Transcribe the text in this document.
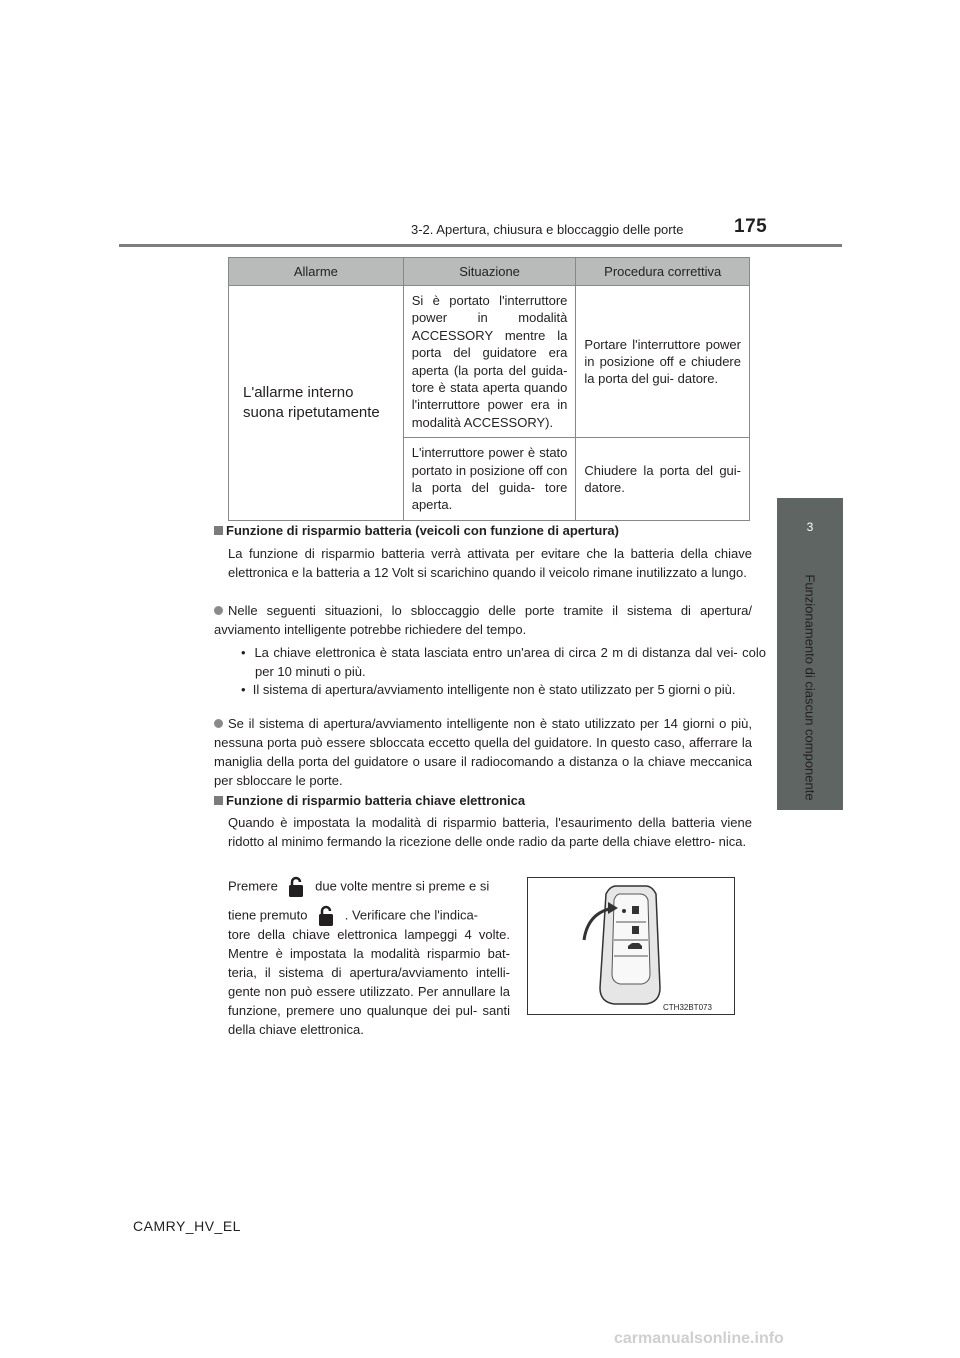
3-2. Apertura, chiusura e bloccaggio delle porte	175
3
Funzionamento di ciascun componente
Allarme	Situazione	Procedura correttiva
L'allarme interno suona ripetutamente	Si è portato l'interruttore power in modalità ACCESSORY mentre la porta del guidatore era aperta (la porta del guida- tore è stata aperta quando l'interruttore power era in modalità ACCESSORY).	Portare l'interruttore power in posizione off e chiudere la porta del gui- datore.
	L'interruttore power è stato portato in posizione off con la porta del guida- tore aperta.	Chiudere la porta del gui- datore.
Funzione di risparmio batteria (veicoli con funzione di apertura)
La funzione di risparmio batteria verrà attivata per evitare che la batteria della chiave elettronica e la batteria a 12 Volt si scarichino quando il veicolo rimane inutilizzato a lungo.
Nelle seguenti situazioni, lo sbloccaggio delle porte tramite il sistema di apertura/ avviamento intelligente potrebbe richiedere del tempo.
•  La chiave elettronica è stata lasciata entro un'area di circa 2 m di distanza dal vei- colo per 10 minuti o più.
•  Il sistema di apertura/avviamento intelligente non è stato utilizzato per 5 giorni o più.
Se il sistema di apertura/avviamento intelligente non è stato utilizzato per 14 giorni o più, nessuna porta può essere sbloccata eccetto quella del guidatore. In questo caso, afferrare la maniglia della porta del guidatore o usare il radiocomando a distanza o la chiave meccanica per sbloccare le porte.
Funzione di risparmio batteria chiave elettronica
Quando è impostata la modalità di risparmio batteria, l'esaurimento della batteria viene ridotto al minimo fermando la ricezione delle onde radio da parte della chiave elettro- nica.
Premere	due volte mentre si preme e si
tiene premuto	. Verificare che l'indica-
tore della chiave elettronica lampeggi 4 volte. Mentre è impostata la modalità risparmio bat- teria, il sistema di apertura/avviamento intelli- gente non può essere utilizzato. Per annullare la funzione, premere uno qualunque dei pul- santi della chiave elettronica.
CTH32BT073
CAMRY_HV_EL
carmanualsonline.info
